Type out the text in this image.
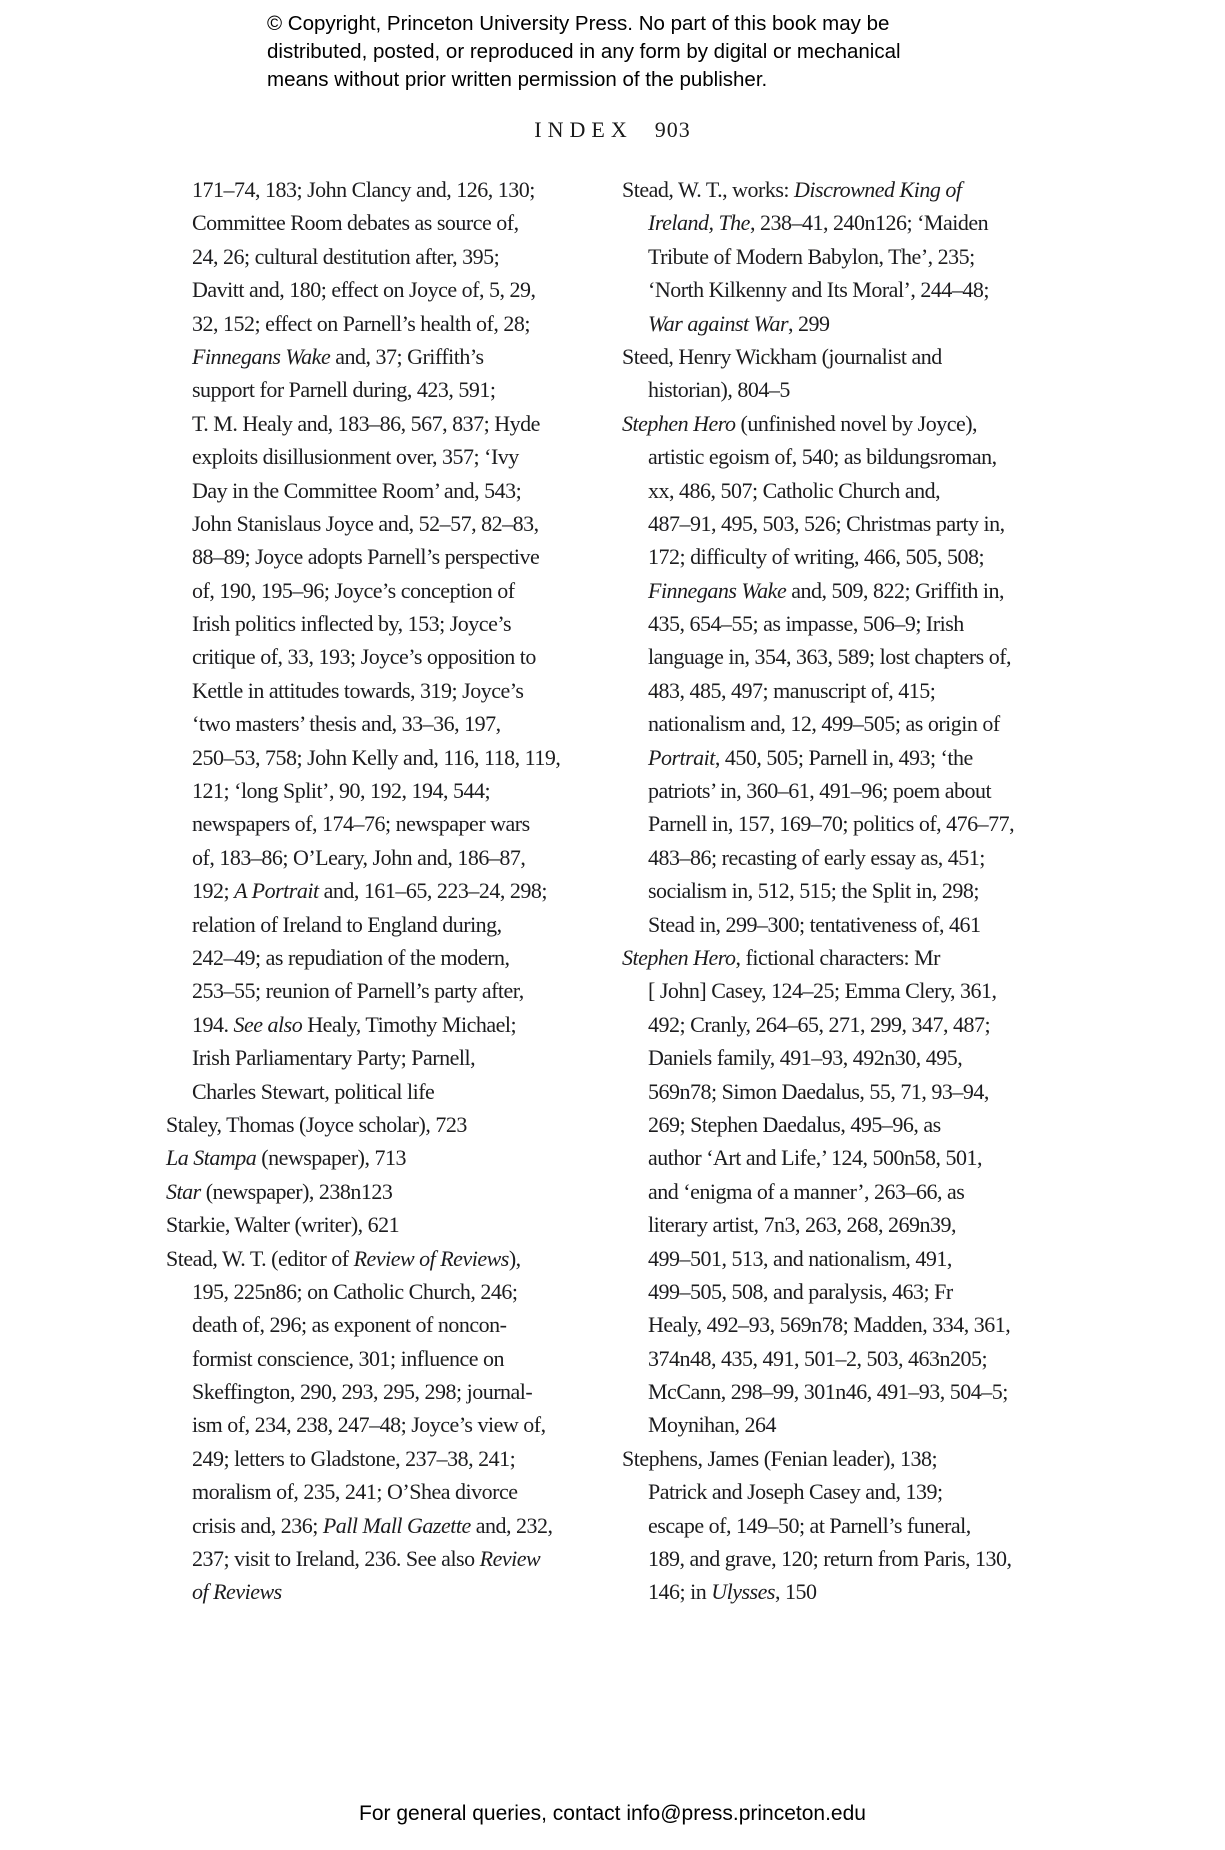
© Copyright, Princeton University Press. No part of this book may be
distributed, posted, or reproduced in any form by digital or mechanical
means without prior written permission of the publisher.
INDEX 903
171–74, 183; John Clancy and, 126, 130;
Committee Room debates as source of,
24, 26; cultural destitution after, 395;
Davitt and, 180; effect on Joyce of, 5, 29,
32, 152; effect on Parnell’s health of, 28;
Finnegans Wake and, 37; Griffith’s
support for Parnell during, 423, 591;
T. M. Healy and, 183–86, 567, 837; Hyde
exploits disillusionment over, 357; ‘Ivy
Day in the Committee Room’ and, 543;
John Stanislaus Joyce and, 52–57, 82–83,
88–89; Joyce adopts Parnell’s perspective
of, 190, 195–96; Joyce’s conception of
Irish politics inflected by, 153; Joyce’s
critique of, 33, 193; Joyce’s opposition to
Kettle in attitudes towards, 319; Joyce’s
‘two masters’ thesis and, 33–36, 197,
250–53, 758; John Kelly and, 116, 118, 119,
121; ‘long Split’, 90, 192, 194, 544;
newspapers of, 174–76; newspaper wars
of, 183–86; O’Leary, John and, 186–87,
192; A Portrait and, 161–65, 223–24, 298;
relation of Ireland to England during,
242–49; as repudiation of the modern,
253–55; reunion of Parnell’s party after,
194. See also Healy, Timothy Michael;
Irish Parliamentary Party; Parnell,
Charles Stewart, political life
Staley, Thomas (Joyce scholar), 723
La Stampa (newspaper), 713
Star (newspaper), 238n123
Starkie, Walter (writer), 621
Stead, W. T. (editor of Review of Reviews),
195, 225n86; on Catholic Church, 246;
death of, 296; as exponent of noncon-
formist conscience, 301; influence on
Skeffington, 290, 293, 295, 298; journal-
ism of, 234, 238, 247–48; Joyce’s view of,
249; letters to Gladstone, 237–38, 241;
moralism of, 235, 241; O’Shea divorce
crisis and, 236; Pall Mall Gazette and, 232,
237; visit to Ireland, 236. See also Review
of Reviews
Stead, W. T., works: Discrowned King of
Ireland, The, 238–41, 240n126; ‘Maiden
Tribute of Modern Babylon, The’, 235;
‘North Kilkenny and Its Moral’, 244–48;
War against War, 299
Steed, Henry Wickham (journalist and
historian), 804–5
Stephen Hero (unfinished novel by Joyce),
artistic egoism of, 540; as bildungsroman,
xx, 486, 507; Catholic Church and,
487–91, 495, 503, 526; Christmas party in,
172; difficulty of writing, 466, 505, 508;
Finnegans Wake and, 509, 822; Griffith in,
435, 654–55; as impasse, 506–9; Irish
language in, 354, 363, 589; lost chapters of,
483, 485, 497; manuscript of, 415;
nationalism and, 12, 499–505; as origin of
Portrait, 450, 505; Parnell in, 493; ‘the
patriots’ in, 360–61, 491–96; poem about
Parnell in, 157, 169–70; politics of, 476–77,
483–86; recasting of early essay as, 451;
socialism in, 512, 515; the Split in, 298;
Stead in, 299–300; tentativeness of, 461
Stephen Hero, fictional characters: Mr
[ John] Casey, 124–25; Emma Clery, 361,
492; Cranly, 264–65, 271, 299, 347, 487;
Daniels family, 491–93, 492n30, 495,
569n78; Simon Daedalus, 55, 71, 93–94,
269; Stephen Daedalus, 495–96, as
author ‘Art and Life,’ 124, 500n58, 501,
and ‘enigma of a manner’, 263–66, as
literary artist, 7n3, 263, 268, 269n39,
499–501, 513, and nationalism, 491,
499–505, 508, and paralysis, 463; Fr
Healy, 492–93, 569n78; Madden, 334, 361,
374n48, 435, 491, 501–2, 503, 463n205;
McCann, 298–99, 301n46, 491–93, 504–5;
Moynihan, 264
Stephens, James (Fenian leader), 138;
Patrick and Joseph Casey and, 139;
escape of, 149–50; at Parnell’s funeral,
189, and grave, 120; return from Paris, 130,
146; in Ulysses, 150
For general queries, contact info@press.princeton.edu
